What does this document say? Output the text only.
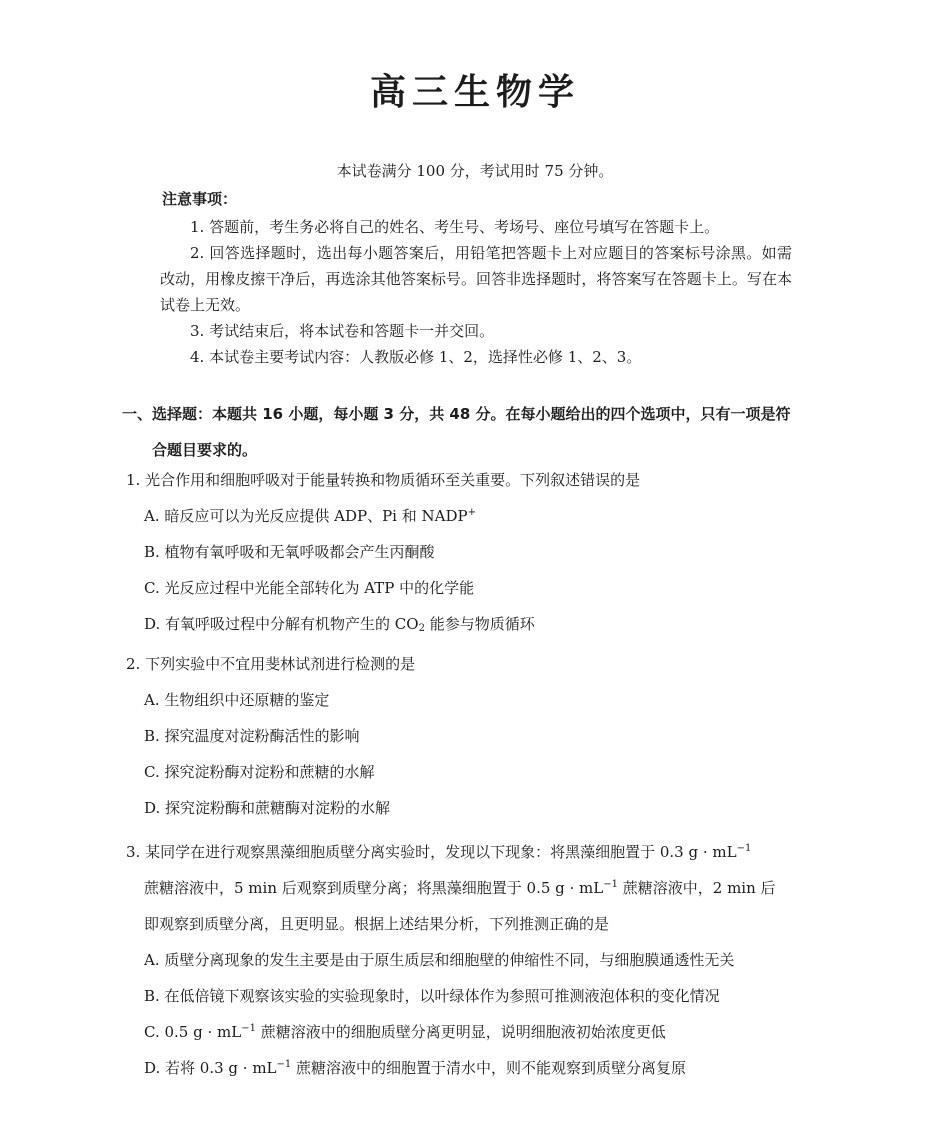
高三生物学
本试卷满分 100 分，考试用时 75 分钟。
注意事项：

1. 答题前，考生务必将自己的姓名、考生号、考场号、座位号填写在答题卡上。

2. 回答选择题时，选出每小题答案后，用铅笔把答题卡上对应题目的答案标号涂黑。如需改动，用橡皮擦干净后，再选涂其他答案标号。回答非选择题时，将答案写在答题卡上。写在本试卷上无效。

3. 考试结束后，将本试卷和答题卡一并交回。

4. 本试卷主要考试内容：人教版必修 1、2，选择性必修 1、2、3。

一、选择题：本题共 16 小题，每小题 3 分，共 48 分。在每小题给出的四个选项中，只有一项是符
合题目要求的。
1. 光合作用和细胞呼吸对于能量转换和物质循环至关重要。下列叙述错误的是
A. 暗反应可以为光反应提供 ADP、Pi 和 NADP+
B. 植物有氧呼吸和无氧呼吸都会产生丙酮酸
C. 光反应过程中光能全部转化为 ATP 中的化学能
D. 有氧呼吸过程中分解有机物产生的 $CO_2$ 能参与物质循环
2. 下列实验中不宜用斐林试剂进行检测的是
A. 生物组织中还原糖的鉴定
B. 探究温度对淀粉酶活性的影响
C. 探究淀粉酶对淀粉和蔗糖的水解
D. 探究淀粉酶和蔗糖酶对淀粉的水解
3. 某同学在进行观察黑藻细胞质壁分离实验时，发现以下现象：将黑藻细胞置于 0.3 $g \cdot mL^{-1}$
蔗糖溶液中，5 min 后观察到质壁分离；将黑藻细胞置于 0.5 $g \cdot mL^{-1}$ 蔗糖溶液中，2 min 后
即观察到质壁分离，且更明显。根据上述结果分析，下列推测正确的是
A. 质壁分离现象的发生主要是由于原生质层和细胞壁的伸缩性不同，与细胞膜通透性无关
B. 在低倍镜下观察该实验的实验现象时，以叶绿体作为参照可推测液泡体积的变化情况
C. 0.5 $g \cdot mL^{-1}$ 蔗糖溶液中的细胞质壁分离更明显，说明细胞液初始浓度更低
D. 若将 0.3 $g \cdot mL^{-1}$ 蔗糖溶液中的细胞置于清水中，则不能观察到质壁分离复原
